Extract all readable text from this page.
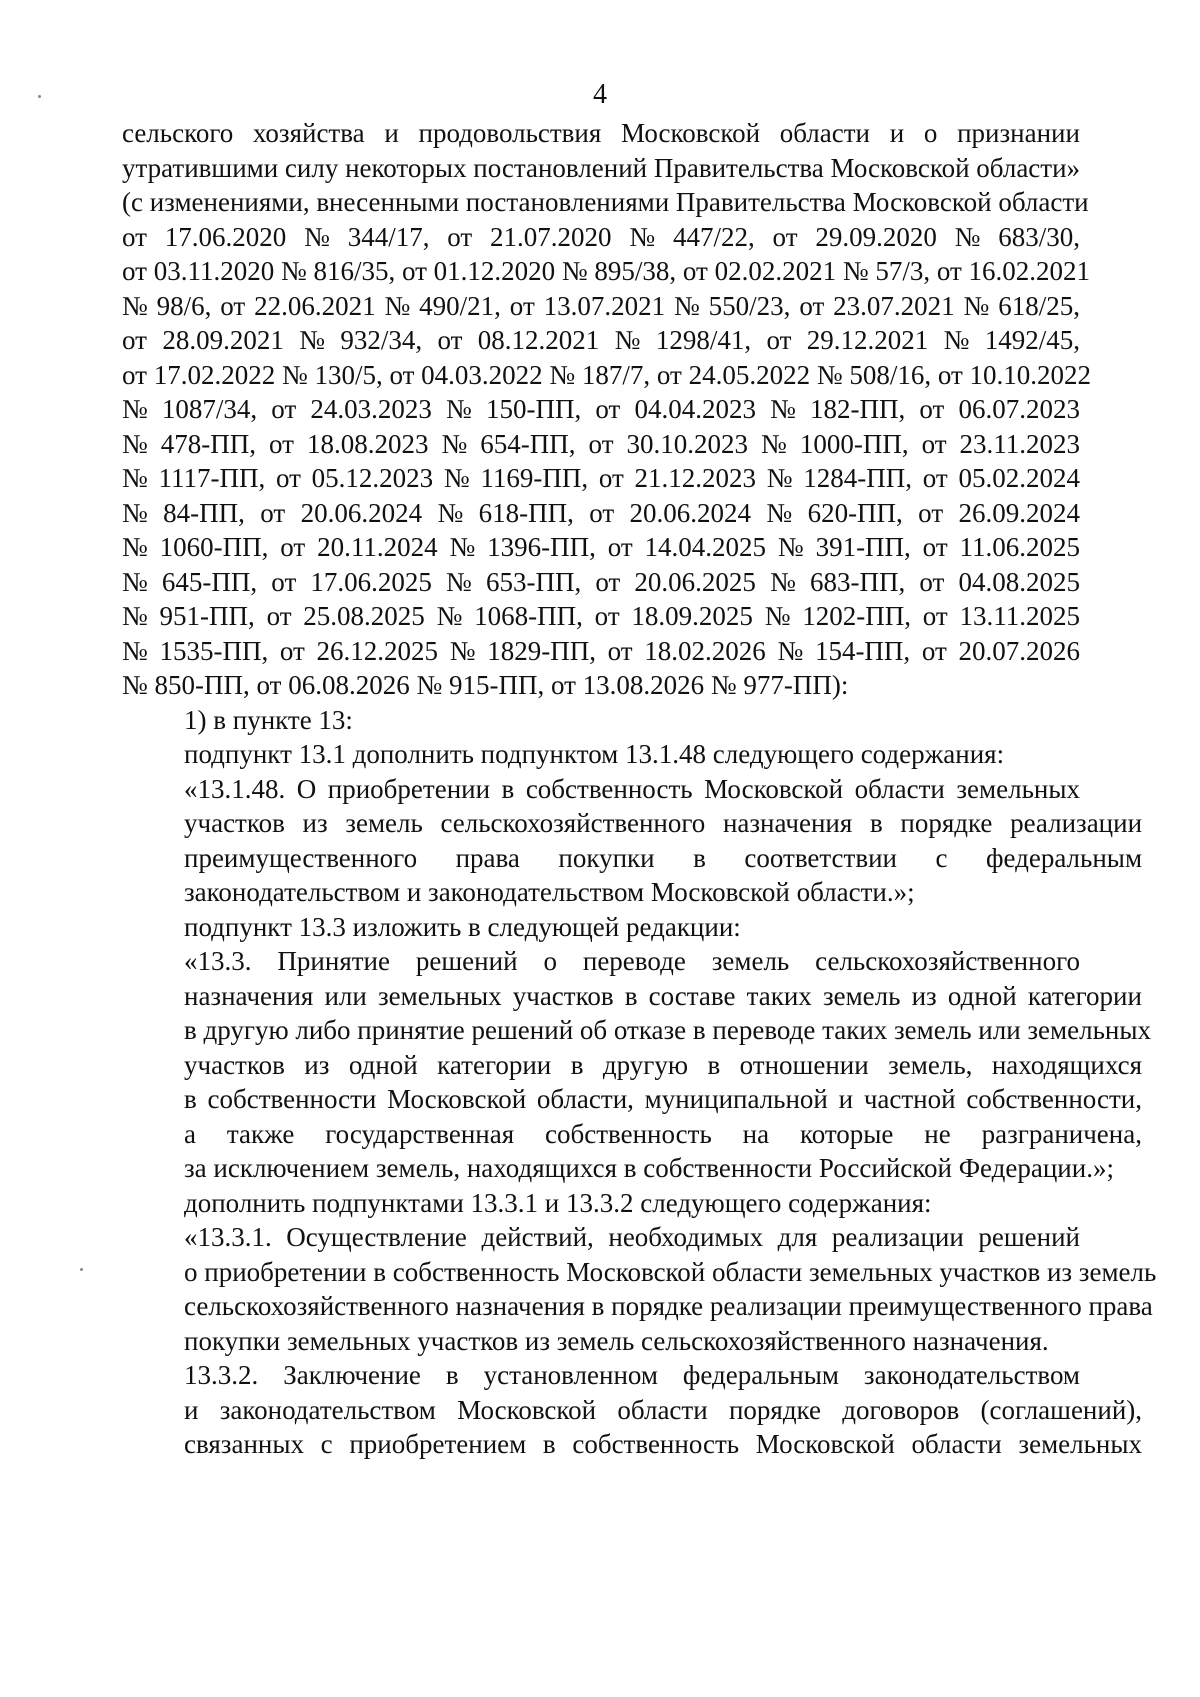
4

сельского хозяйства и продовольствия Московской области и о признании
утратившими силу некоторых постановлений Правительства Московской области»
(с изменениями, внесенными постановлениями Правительства Московской области
от 17.06.2020 № 344/17, от 21.07.2020 № 447/22, от 29.09.2020 № 683/30,
от 03.11.2020 № 816/35, от 01.12.2020 № 895/38, от 02.02.2021 № 57/3, от 16.02.2021
№ 98/6, от 22.06.2021 № 490/21, от 13.07.2021 № 550/23, от 23.07.2021 № 618/25,
от 28.09.2021 № 932/34, от 08.12.2021 № 1298/41, от 29.12.2021 № 1492/45,
от 17.02.2022 № 130/5, от 04.03.2022 № 187/7, от 24.05.2022 № 508/16, от 10.10.2022
№ 1087/34, от 24.03.2023 № 150-ПП, от 04.04.2023 № 182-ПП, от 06.07.2023
№ 478-ПП, от 18.08.2023 № 654-ПП, от 30.10.2023 № 1000-ПП, от 23.11.2023
№ 1117-ПП, от 05.12.2023 № 1169-ПП, от 21.12.2023 № 1284-ПП, от 05.02.2024
№ 84-ПП, от 20.06.2024 № 618-ПП, от 20.06.2024 № 620-ПП, от 26.09.2024
№ 1060-ПП, от 20.11.2024 № 1396-ПП, от 14.04.2025 № 391-ПП, от 11.06.2025
№ 645-ПП, от 17.06.2025 № 653-ПП, от 20.06.2025 № 683-ПП, от 04.08.2025
№ 951-ПП, от 25.08.2025 № 1068-ПП, от 18.09.2025 № 1202-ПП, от 13.11.2025
№ 1535-ПП, от 26.12.2025 № 1829-ПП, от 18.02.2026 № 154-ПП, от 20.07.2026
№ 850-ПП, от 06.08.2026 № 915-ПП, от 13.08.2026 № 977-ПП):

1) в пункте 13:

подпункт 13.1 дополнить подпунктом 13.1.48 следующего содержания:

«13.1.48. О приобретении в собственность Московской области земельных
участков из земель сельскохозяйственного назначения в порядке реализации
преимущественного права покупки в соответствии с федеральным
законодательством и законодательством Московской области.»;

подпункт 13.3 изложить в следующей редакции:

«13.3. Принятие решений о переводе земель сельскохозяйственного
назначения или земельных участков в составе таких земель из одной категории
в другую либо принятие решений об отказе в переводе таких земель или земельных
участков из одной категории в другую в отношении земель, находящихся
в собственности Московской области, муниципальной и частной собственности,
а также государственная собственность на которые не разграничена,
за исключением земель, находящихся в собственности Российской Федерации.»;

дополнить подпунктами 13.3.1 и 13.3.2 следующего содержания:

«13.3.1. Осуществление действий, необходимых для реализации решений
о приобретении в собственность Московской области земельных участков из земель
сельскохозяйственного назначения в порядке реализации преимущественного права
покупки земельных участков из земель сельскохозяйственного назначения.

13.3.2. Заключение в установленном федеральным законодательством
и законодательством Московской области порядке договоров (соглашений),
связанных с приобретением в собственность Московской области земельных
